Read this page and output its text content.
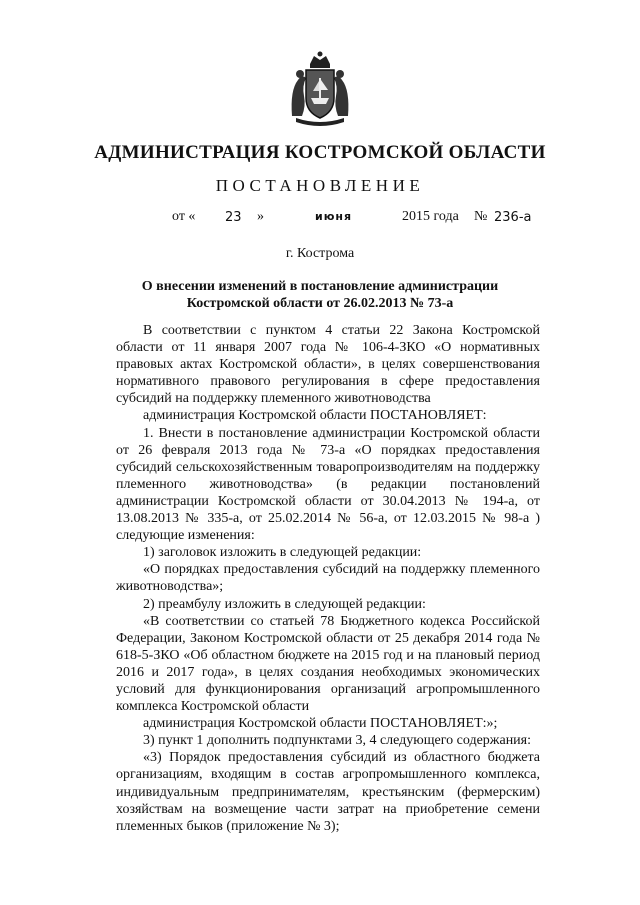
АДМИНИСТРАЦИЯ КОСТРОМСКОЙ ОБЛАСТИ
ПОСТАНОВЛЕНИЕ
от « 23 »	июня	2015 года № 236-а
г. Кострома
О внесении изменений в постановление администрации
Костромской области от 26.02.2013 № 73-а

В соответствии с пунктом 4 статьи 22 Закона Костромской области от 11 января 2007 года № 106-4-ЗКО «О нормативных правовых актах Костромской области», в целях совершенствования нормативного правового регулирования в сфере предоставления субсидий на поддержку племенного животноводства

администрация Костромской области ПОСТАНОВЛЯЕТ:

1. Внести в постановление администрации Костромской области от 26 февраля 2013 года № 73-а «О порядках предоставления субсидий сельскохозяйственным товаропроизводителям на поддержку племенного животноводства» (в редакции постановлений администрации Костромской области от 30.04.2013 № 194-а, от 13.08.2013 № 335-а, от 25.02.2014 № 56-а, от 12.03.2015 № 98-а ) следующие изменения:

1) заголовок изложить в следующей редакции:

«О порядках предоставления субсидий на поддержку племенного животноводства»;

2) преамбулу изложить в следующей редакции:

«В соответствии со статьей 78 Бюджетного кодекса Российской Федерации, Законом Костромской области от 25 декабря 2014 года № 618-5-ЗКО «Об областном бюджете на 2015 год и на плановый период 2016 и 2017 года», в целях создания необходимых экономических условий для функционирования организаций агропромышленного комплекса Костромской области

администрация Костромской области ПОСТАНОВЛЯЕТ:»;

3) пункт 1 дополнить подпунктами 3, 4 следующего содержания:

«3) Порядок предоставления субсидий из областного бюджета организациям, входящим в состав агропромышленного комплекса, индивидуальным предпринимателям, крестьянским (фермерским) хозяйствам на возмещение части затрат на приобретение семени племенных быков (приложение № 3);
